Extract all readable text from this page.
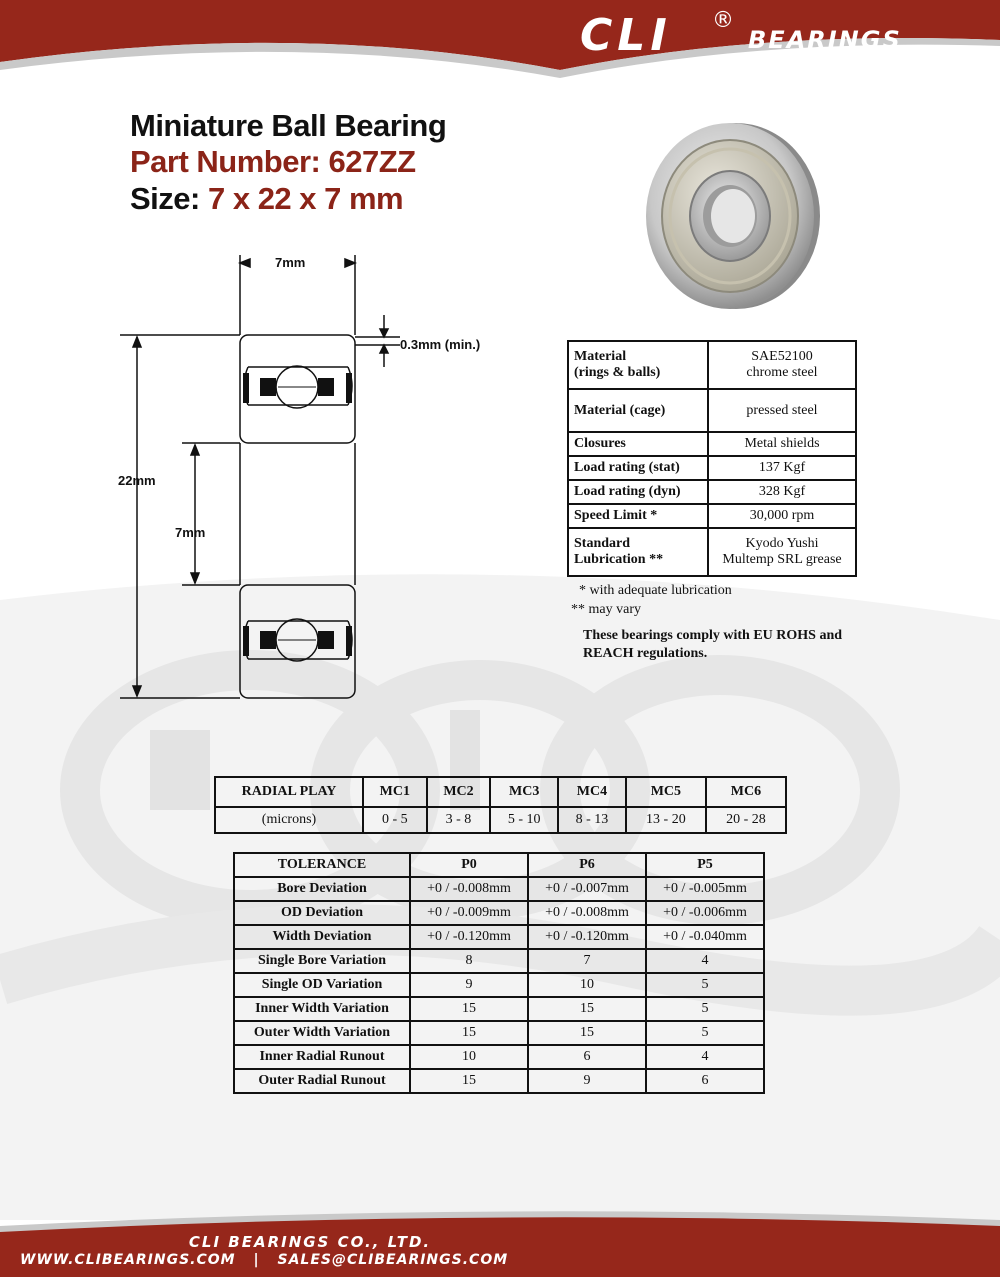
CLI ®
BEARINGS
Miniature Ball Bearing
Part Number: 627ZZ
Size: 7 x 22 x 7 mm
7mm
0.3mm (min.)
22mm
7mm
Material
(rings & balls)	SAE52100
chrome steel
Material (cage)	pressed steel
Closures	Metal shields
Load rating (stat)	137 Kgf
Load rating (dyn)	328 Kgf
Speed Limit *	30,000 rpm
Standard
Lubrication **	Kyodo Yushi
Multemp SRL grease
* with adequate lubrication
** may vary
These bearings comply with EU ROHS and REACH regulations.
RADIAL PLAY	MC1	MC2	MC3	MC4	MC5	MC6
(microns)	0 - 5	3 - 8	5 - 10	8 - 13	13 - 20	20 - 28
TOLERANCE	P0	P6	P5
Bore Deviation	+0 / -0.008mm	+0 / -0.007mm	+0 / -0.005mm
OD Deviation	+0 / -0.009mm	+0 / -0.008mm	+0 / -0.006mm
Width Deviation	+0 / -0.120mm	+0 / -0.120mm	+0 / -0.040mm
Single Bore Variation	8	7	4
Single OD Variation	9	10	5
Inner Width Variation	15	15	5
Outer Width Variation	15	15	5
Inner Radial Runout	10	6	4
Outer Radial Runout	15	9	6
CLI BEARINGS CO., LTD.
WWW.CLIBEARINGS.COM | SALES@CLIBEARINGS.COM
